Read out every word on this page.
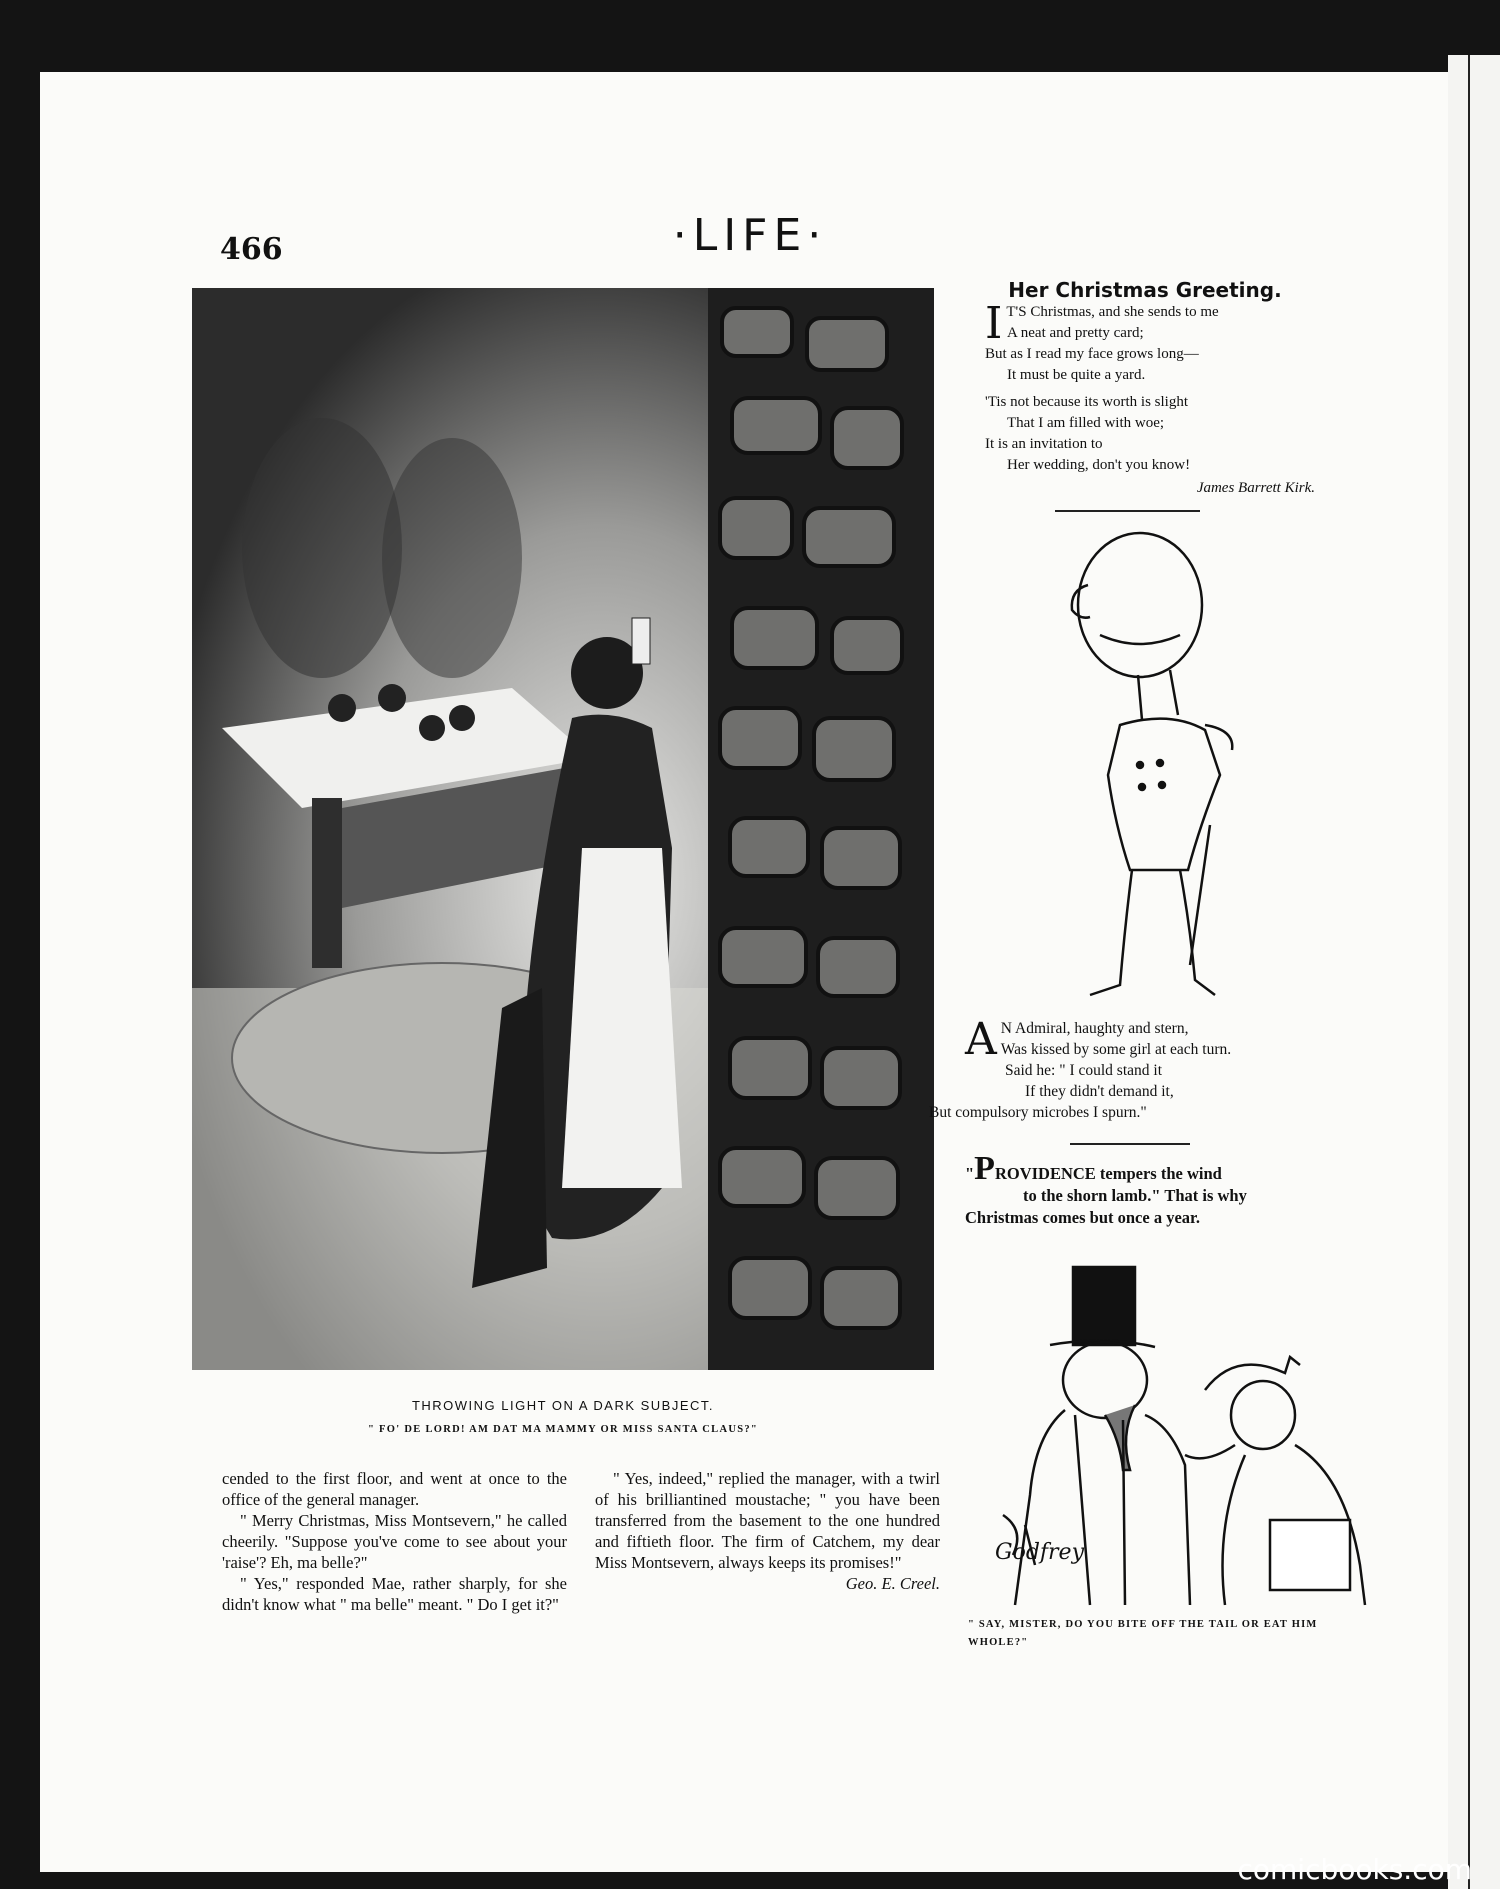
466	·LIFE·
THROWING LIGHT ON A DARK SUBJECT.
" FO' DE LORD! AM DAT MA MAMMY OR MISS SANTA CLAUS?"

cended to the first floor, and went at once to the office of the general manager.

" Merry Christmas, Miss Montsevern," he called cheerily. "Suppose you've come to see about your 'raise'? Eh, ma belle?"

" Yes," responded Mae, rather sharply, for she didn't know what " ma belle" meant. " Do I get it?"

" Yes, indeed," replied the manager, with a twirl of his brilliantined moustache; " you have been transferred from the basement to the one hundred and fiftieth floor. The firm of Catchem, my dear Miss Montsevern, always keeps its promises!"

Geo. E. Creel.

Her Christmas Greeting.
I T'S Christmas, and she sends to me
A neat and pretty card;
But as I read my face grows long—
It must be quite a yard.
'Tis not because its worth is slight
That I am filled with woe;
It is an invitation to
Her wedding, don't you know!
James Barrett Kirk.
A N Admiral, haughty and stern,
Was kissed by some girl at each turn.
Said he: " I could stand it
If they didn't demand it,
But compulsory microbes I spurn."
"PROVIDENCE tempers the wind
to the shorn lamb." That is why
Christmas comes but once a year.
Godfrey
" SAY, MISTER, DO YOU BITE OFF THE TAIL OR EAT HIM WHOLE?"
comicbooks.com
